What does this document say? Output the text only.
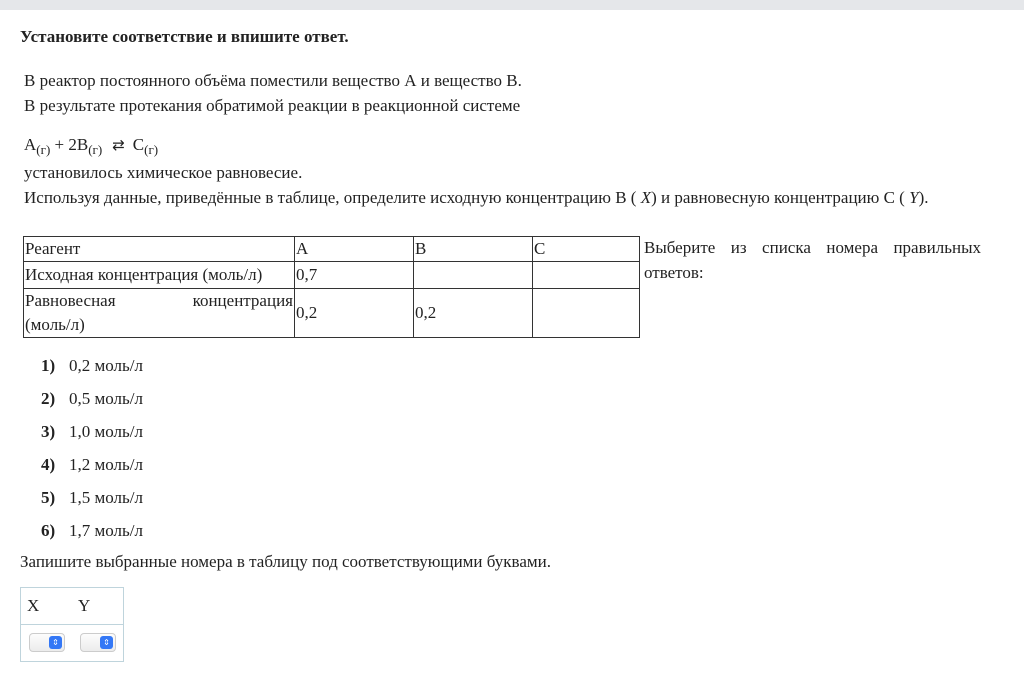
Установите соответствие и впишите ответ.
В реактор постоянного объёма поместили вещество А и вещество В.
В результате протекания обратимой реакции в реакционной системе
$А_{(г)} + 2В_{(г)}$ ⇄ $С_{(г)}$
установилось химическое равновесие.
Используя данные, приведённые в таблице, определите исходную концентрацию В ( X) и равновесную концентрацию С ( Y).
Реагент	А	В	С
Исходная концентрация (моль/л)	0,7		

Равновесная концентрация
(моль/л)	0,2	0,2	
Выберите из списка номера правильных ответов:
1) 0,2 моль/л
2) 0,5 моль/л
3) 1,0 моль/л
4) 1,2 моль/л
5) 1,5 моль/л
6) 1,7 моль/л
Запишите выбранные номера в таблицу под соответствующими буквами.
X Y
⇕	⇕
